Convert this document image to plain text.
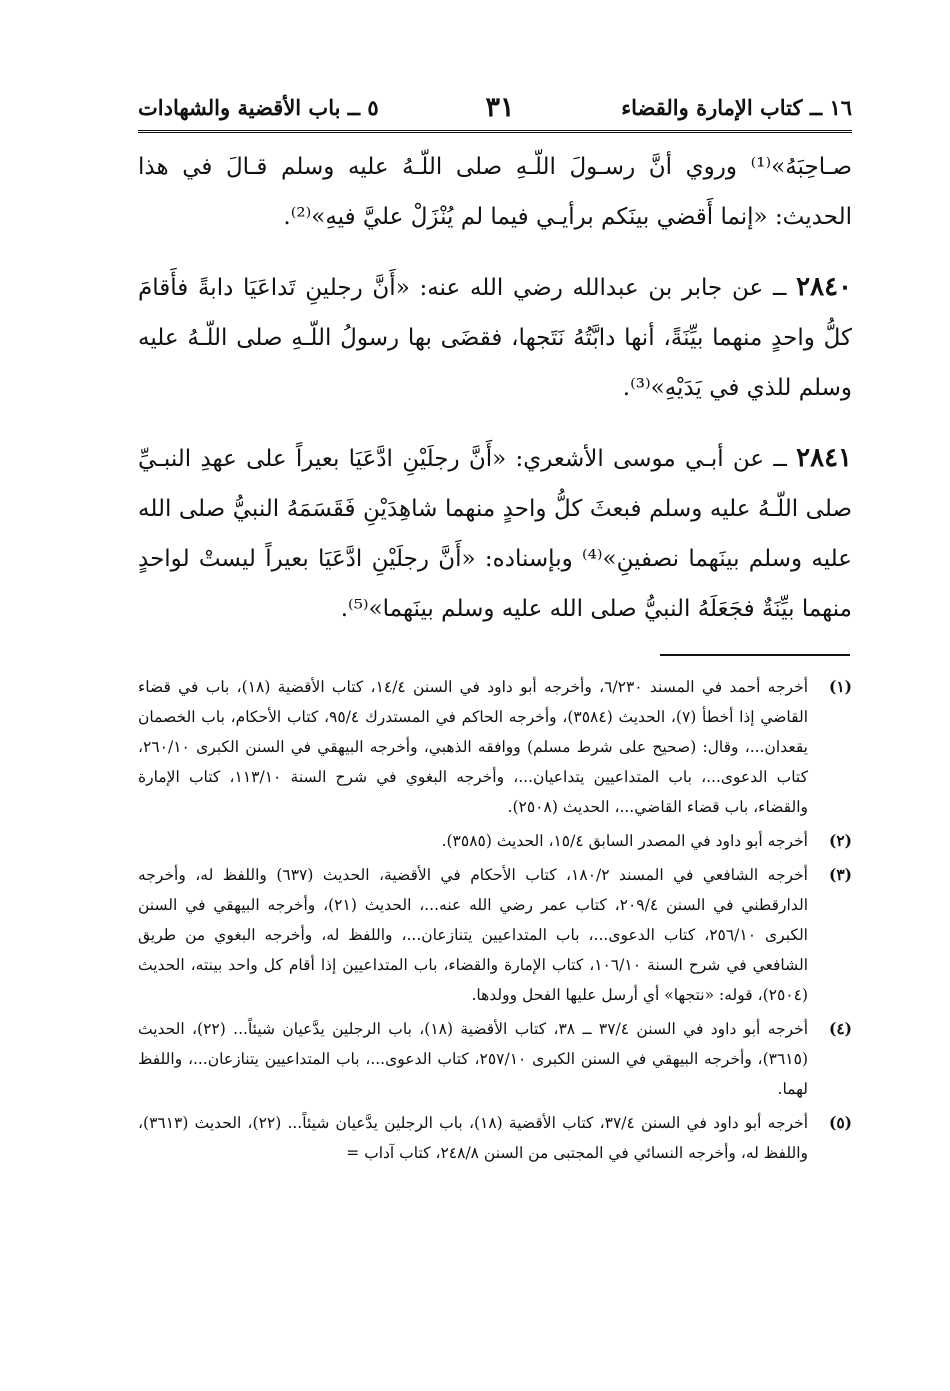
١٦ ــ كتاب الإمارة والقضاء
٣١
٥ ــ باب الأقضية والشهادات

صـاحِبَهُ»⁽¹⁾ وروي أنَّ رسـولَ اللّـهِ صلى اللّـهُ عليه وسلم قـالَ في هذا الحديث: «إنما أَقضي بينَكم برأيـي فيما لم يُنْزَلْ عليَّ فيهِ»⁽²⁾.

٢٨٤٠ ــ عن جابر بن عبدالله رضي الله عنه: «أَنَّ رجلينِ تَداعَيَا دابةً فأَقامَ كلُّ واحدٍ منهما بيِّنَةً، أنها دابَّتُهُ نَتَجها، فقضَى بها رسولُ اللّـهِ صلى اللّـهُ عليه وسلم للذي في يَدَيْهِ»⁽³⁾.

٢٨٤١ ــ عن أبـي موسى الأشعري: «أَنَّ رجلَيْنِ ادَّعَيَا بعيراً على عهدِ النبـيِّ صلى اللّـهُ عليه وسلم فبعثَ كلُّ واحدٍ منهما شاهِدَيْنِ فَقَسَمَهُ النبيُّ صلى الله عليه وسلم بينَهما نصفينِ»⁽⁴⁾ وبإسناده: «أَنَّ رجلَيْنِ ادَّعَيَا بعيراً ليستْ لواحدٍ منهما بيِّنَةٌ فجَعَلَهُ النبيُّ صلى الله عليه وسلم بينَهما»⁽⁵⁾.

(١)
أخرجه أحمد في المسند ٦/٢٣٠، وأخرجه أبو داود في السنن ١٤/٤، كتاب الأقضية (١٨)، باب في قضاء القاضي إذا أخطأ (٧)، الحديث (٣٥٨٤)، وأخرجه الحاكم في المستدرك ٩٥/٤، كتاب الأحكام، باب الخصمان يقعدان...، وقال: (صحيح على شرط مسلم) ووافقه الذهبي، وأخرجه البيهقي في السنن الكبرى ٢٦٠/١٠، كتاب الدعوى...، باب المتداعيين يتداعيان...، وأخرجه البغوي في شرح السنة ١١٣/١٠، كتاب الإمارة والقضاء، باب قضاء القاضي...، الحديث (٢٥٠٨).
(٢)
أخرجه أبو داود في المصدر السابق ١٥/٤، الحديث (٣٥٨٥).
(٣)
أخرجه الشافعي في المسند ١٨٠/٢، كتاب الأحكام في الأقضية، الحديث (٦٣٧) واللفظ له، وأخرجه الدارقطني في السنن ٢٠٩/٤، كتاب عمر رضي الله عنه...، الحديث (٢١)، وأخرجه البيهقي في السنن الكبرى ٢٥٦/١٠، كتاب الدعوى...، باب المتداعيين يتنازعان...، واللفظ له، وأخرجه البغوي من طريق الشافعي في شرح السنة ١٠٦/١٠، كتاب الإمارة والقضاء، باب المتداعيين إذا أقام كل واحد بينته، الحديث (٢٥٠٤)، قوله: «نتجها» أي أرسل عليها الفحل وولدها.
(٤)
أخرجه أبو داود في السنن ٣٧/٤ ــ ٣٨، كتاب الأقضية (١٨)، باب الرجلين يدَّعيان شيئاً... (٢٢)، الحديث (٣٦١٥)، وأخرجه البيهقي في السنن الكبرى ٢٥٧/١٠، كتاب الدعوى...، باب المتداعيين يتنازعان...، واللفظ لهما.
(٥)
أخرجه أبو داود في السنن ٣٧/٤، كتاب الأقضية (١٨)، باب الرجلين يدَّعيان شيئاً... (٢٢)، الحديث (٣٦١٣)، واللفظ له، وأخرجه النسائي في المجتبى من السنن ٢٤٨/٨، كتاب آداب =
